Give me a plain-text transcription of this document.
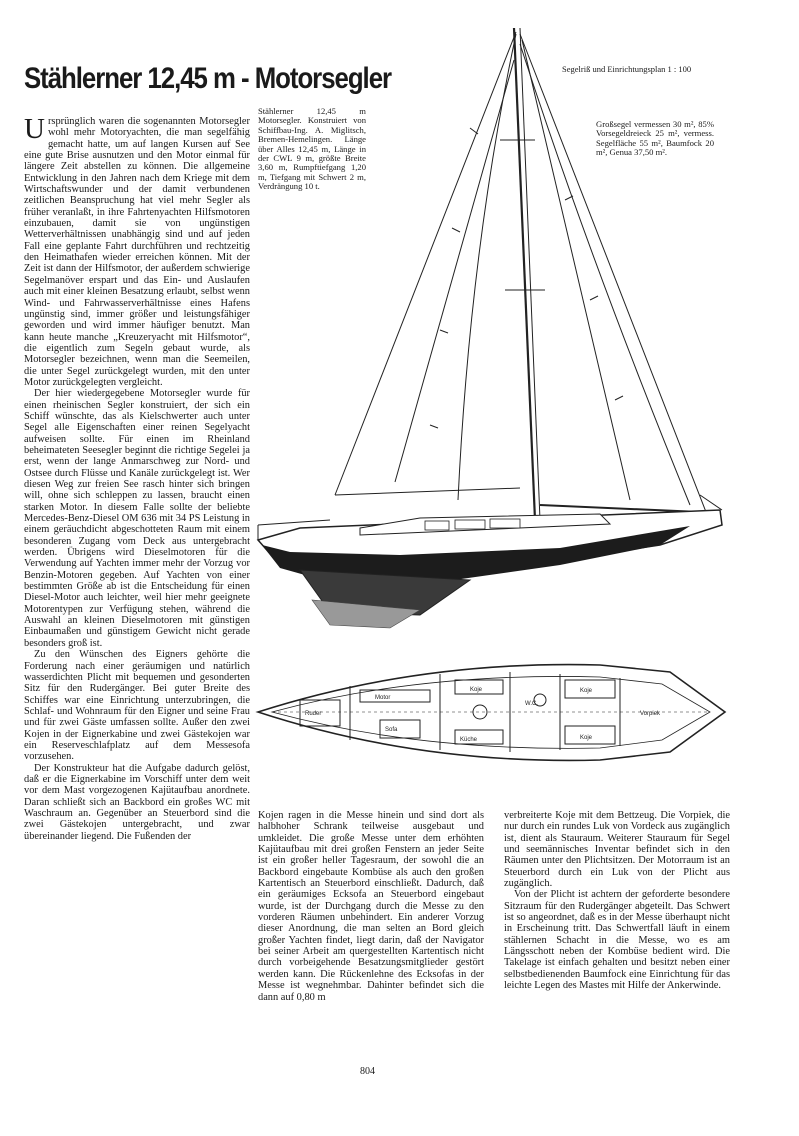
Stählerner 12,45 m - Motorsegler	Segelriß und Einrichtungsplan 1 : 100
Vorpiek
W.C.
Koje
Koje
Koje
Küche
Motor
Ruder
Sofa
Stählerner 12,45 m Motorsegler. Konstruiert von Schiffbau-Ing. A. Miglitsch, Bremen-Hemelingen. Länge über Alles 12,45 m, Länge in der CWL 9 m, größte Breite 3,60 m, Rumpftiefgang 1,20 m, Tiefgang mit Schwert 2 m, Verdrängung 10 t.
Großsegel vermessen 30 m², 85% Vorsegeldreieck 25 m², vermess. Segelfläche 55 m², Baumfock 20 m², Genua 37,50 m².

Ursprünglich waren die sogenannten Motorsegler wohl mehr Motoryachten, die man segelfähig gemacht hatte, um auf langen Kursen auf See eine gute Brise ausnutzen und den Motor einmal für längere Zeit abstellen zu können. Die allgemeine Entwicklung in den Jahren nach dem Kriege mit dem Wirtschaftswunder und der damit verbundenen zeitlichen Beanspruchung hat viel mehr Segler als früher veranlaßt, in ihre Fahrtenyachten Hilfsmotoren einzubauen, damit sie von ungünstigen Wetterverhältnissen unabhängig sind und auf jeden Fall eine geplante Fahrt durchführen und rechtzeitig den Heimathafen wieder erreichen können. Mit der Zeit ist dann der Hilfsmotor, der außerdem schwierige Segelmanöver erspart und das Ein- und Auslaufen auch mit einer kleinen Besatzung erlaubt, selbst wenn Wind- und Fahrwasserverhältnisse eines Hafens ungünstig sind, immer größer und leistungsfähiger geworden und wird immer häufiger benutzt. Man kann heute manche „Kreuzeryacht mit Hilfsmotor“, die eigentlich zum Segeln gebaut wurde, als Motorsegler bezeichnen, wenn man die Seemeilen, die unter Segel zurückgelegt wurden, mit den unter Motor zurückgelegten vergleicht.

Der hier wiedergegebene Motorsegler wurde für einen rheinischen Segler konstruiert, der sich ein Schiff wünschte, das als Kielschwerter auch unter Segel alle Eigenschaften einer reinen Segelyacht aufweisen sollte. Für einen im Rheinland beheimateten Seesegler beginnt die richtige Segelei ja erst, wenn der lange Anmarschweg zur Nord- und Ostsee durch Flüsse und Kanäle zurückgelegt ist. Wer diesen Weg zur freien See rasch hinter sich bringen will, ohne sich schleppen zu lassen, braucht einen starken Motor. In diesem Falle sollte der beliebte Mercedes-Benz-Diesel OM 636 mit 34 PS Leistung in einem geräuchdicht abgeschotteten Raum mit einem besonderen Zugang vom Deck aus untergebracht werden. Übrigens wird Dieselmotoren für die Verwendung auf Yachten immer mehr der Vorzug vor Benzin-Motoren gegeben. Auf Yachten von einer bestimmten Größe ab ist die Entscheidung für einen Diesel-Motor auch leichter, weil hier mehr geeignete Motorentypen zur Verfügung stehen, während die Auswahl an kleinen Dieselmotoren mit günstigen Einbaumaßen und günstigem Gewicht nicht gerade besonders groß ist.

Zu den Wünschen des Eigners gehörte die Forderung nach einer geräumigen und natürlich wasserdichten Plicht mit bequemen und gesonderten Sitz für den Rudergänger. Bei guter Breite des Schiffes war eine Einrichtung unterzubringen, die Schlaf- und Wohnraum für den Eigner und seine Frau und für zwei Gäste umfassen sollte. Außer den zwei Kojen in der Eignerkabine und zwei Gästekojen war ein Reserveschlafplatz auf dem Messesofa vorzusehen.

Der Konstrukteur hat die Aufgabe dadurch gelöst, daß er die Eignerkabine im Vorschiff unter dem weit vor dem Mast vorgezogenen Kajütaufbau anordnete. Daran schließt sich an Backbord ein großes WC mit Waschraum an. Gegenüber an Steuerbord sind die zwei Gästekojen untergebracht, und zwar übereinander liegend. Die Fußenden der

Kojen ragen in die Messe hinein und sind dort als halbhoher Schrank teilweise ausgebaut und umkleidet. Die große Messe unter dem erhöhten Kajütaufbau mit drei großen Fenstern an jeder Seite ist ein großer heller Tagesraum, der sowohl die an Backbord eingebaute Kombüse als auch den großen Kartentisch an Steuerbord einschließt. Dadurch, daß ein geräumiges Ecksofa an Steuerbord eingebaut wurde, ist der Durchgang durch die Messe zu den vorderen Räumen unbehindert. Ein anderer Vorzug dieser Anordnung, die man selten an Bord gleich großer Yachten findet, liegt darin, daß der Navigator bei seiner Arbeit am quergestellten Kartentisch nicht durch vorbeigehende Besatzungsmitglieder gestört werden kann. Die Rückenlehne des Ecksofas in der Messe ist wegnehmbar. Dahinter befindet sich die dann auf 0,80 m

verbreiterte Koje mit dem Bettzeug. Die Vorpiek, die nur durch ein rundes Luk von Vordeck aus zugänglich ist, dient als Stauraum. Weiterer Stauraum für Segel und seemännisches Inventar befindet sich in den Räumen unter den Plichtsitzen. Der Motorraum ist an Steuerbord durch ein Luk von der Plicht aus zugänglich.

Von der Plicht ist achtern der geforderte besondere Sitzraum für den Rudergänger abgeteilt. Das Schwert ist so angeordnet, daß es in der Messe überhaupt nicht in Erscheinung tritt. Das Schwertfall läuft in einem stählernen Schacht in die Messe, wo es am Längsschott neben der Kombüse bedient wird. Die Takelage ist einfach gehalten und besitzt neben einer selbstbedienenden Baumfock eine Einrichtung für das leichte Legen des Mastes mit Hilfe der Ankerwinde.

804
